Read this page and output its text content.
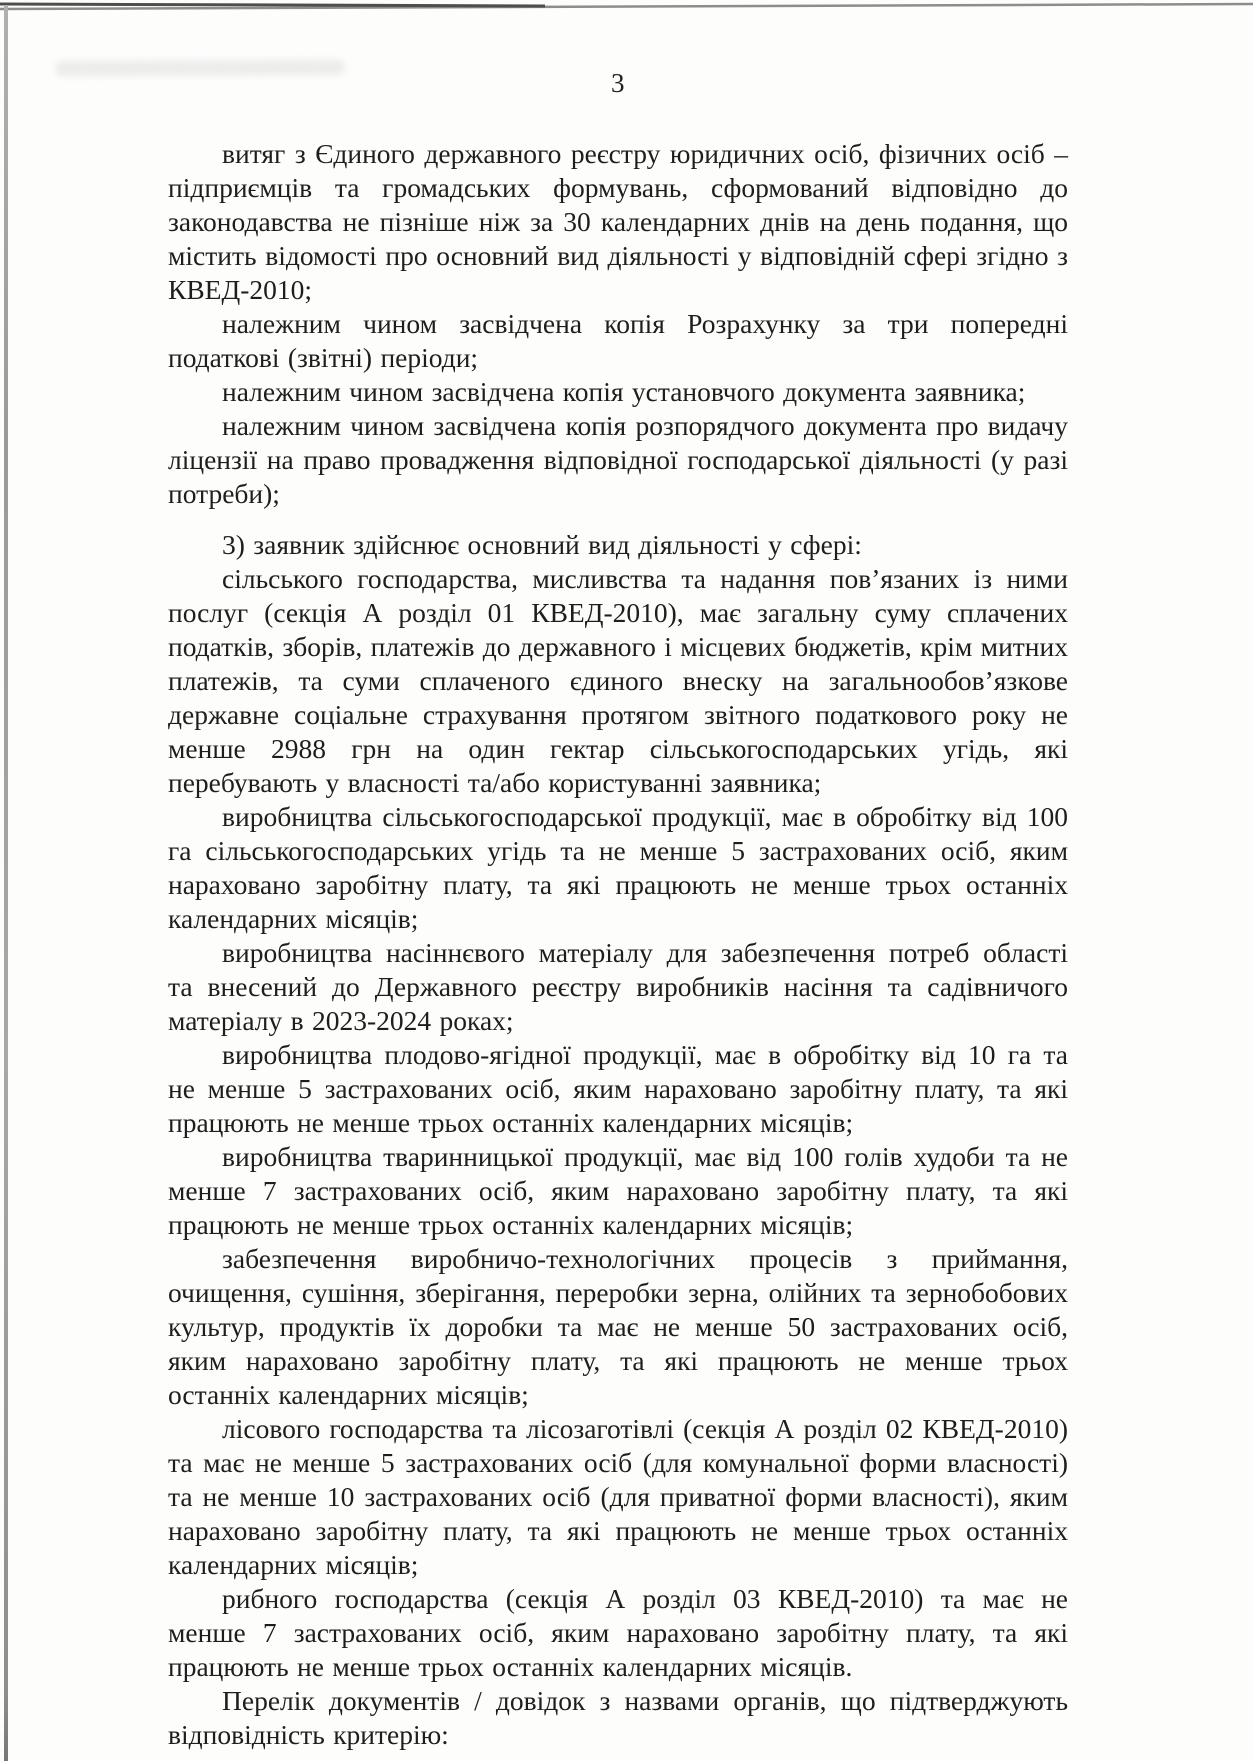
3

витяг з Єдиного державного реєстру юридичних осіб, фізичних осіб – підприємців та громадських формувань, сформований відповідно до законодавства не пізніше ніж за 30 календарних днів на день подання, що містить відомості про основний вид діяльності у відповідній сфері згідно з КВЕД-2010;

належним чином засвідчена копія Розрахунку за три попередні податкові (звітні) періоди;

належним чином засвідчена копія установчого документа заявника;

належним чином засвідчена копія розпорядчого документа про видачу ліцензії на право провадження відповідної господарської діяльності (у разі потреби);

3) заявник здійснює основний вид діяльності у сфері:

сільського господарства, мисливства та надання пов’язаних із ними послуг (секція А розділ 01 КВЕД-2010), має загальну суму сплачених податків, зборів, платежів до державного і місцевих бюджетів, крім митних платежів, та суми сплаченого єдиного внеску на загальнообов’язкове державне соціальне страхування протягом звітного податкового року не менше 2988 грн на один гектар сільськогосподарських угідь, які перебувають у власності та/або користуванні заявника;

виробництва сільськогосподарської продукції, має в обробітку від 100 га сільськогосподарських угідь та не менше 5 застрахованих осіб, яким нараховано заробітну плату, та які працюють не менше трьох останніх календарних місяців;

виробництва насіннєвого матеріалу для забезпечення потреб області та внесений до Державного реєстру виробників насіння та садівничого матеріалу в 2023-2024 роках;

виробництва плодово-ягідної продукції, має в обробітку від 10 га та не менше 5 застрахованих осіб, яким нараховано заробітну плату, та які працюють не менше трьох останніх календарних місяців;

виробництва тваринницької продукції, має від 100 голів худоби та не менше 7 застрахованих осіб, яким нараховано заробітну плату, та які працюють не менше трьох останніх календарних місяців;

забезпечення виробничо-технологічних процесів з приймання, очищення, сушіння, зберігання, переробки зерна, олійних та зернобобових культур, продуктів їх доробки та має не менше 50 застрахованих осіб, яким нараховано заробітну плату, та які працюють не менше трьох останніх календарних місяців;

лісового господарства та лісозаготівлі (секція А розділ 02 КВЕД-2010) та має не менше 5 застрахованих осіб (для комунальної форми власності) та не менше 10 застрахованих осіб (для приватної форми власності), яким нараховано заробітну плату, та які працюють не менше трьох останніх календарних місяців;

рибного господарства (секція А розділ 03 КВЕД-2010) та має не менше 7 застрахованих осіб, яким нараховано заробітну плату, та які працюють не менше трьох останніх календарних місяців.

Перелік документів / довідок з назвами органів, що підтверджують відповідність критерію:
